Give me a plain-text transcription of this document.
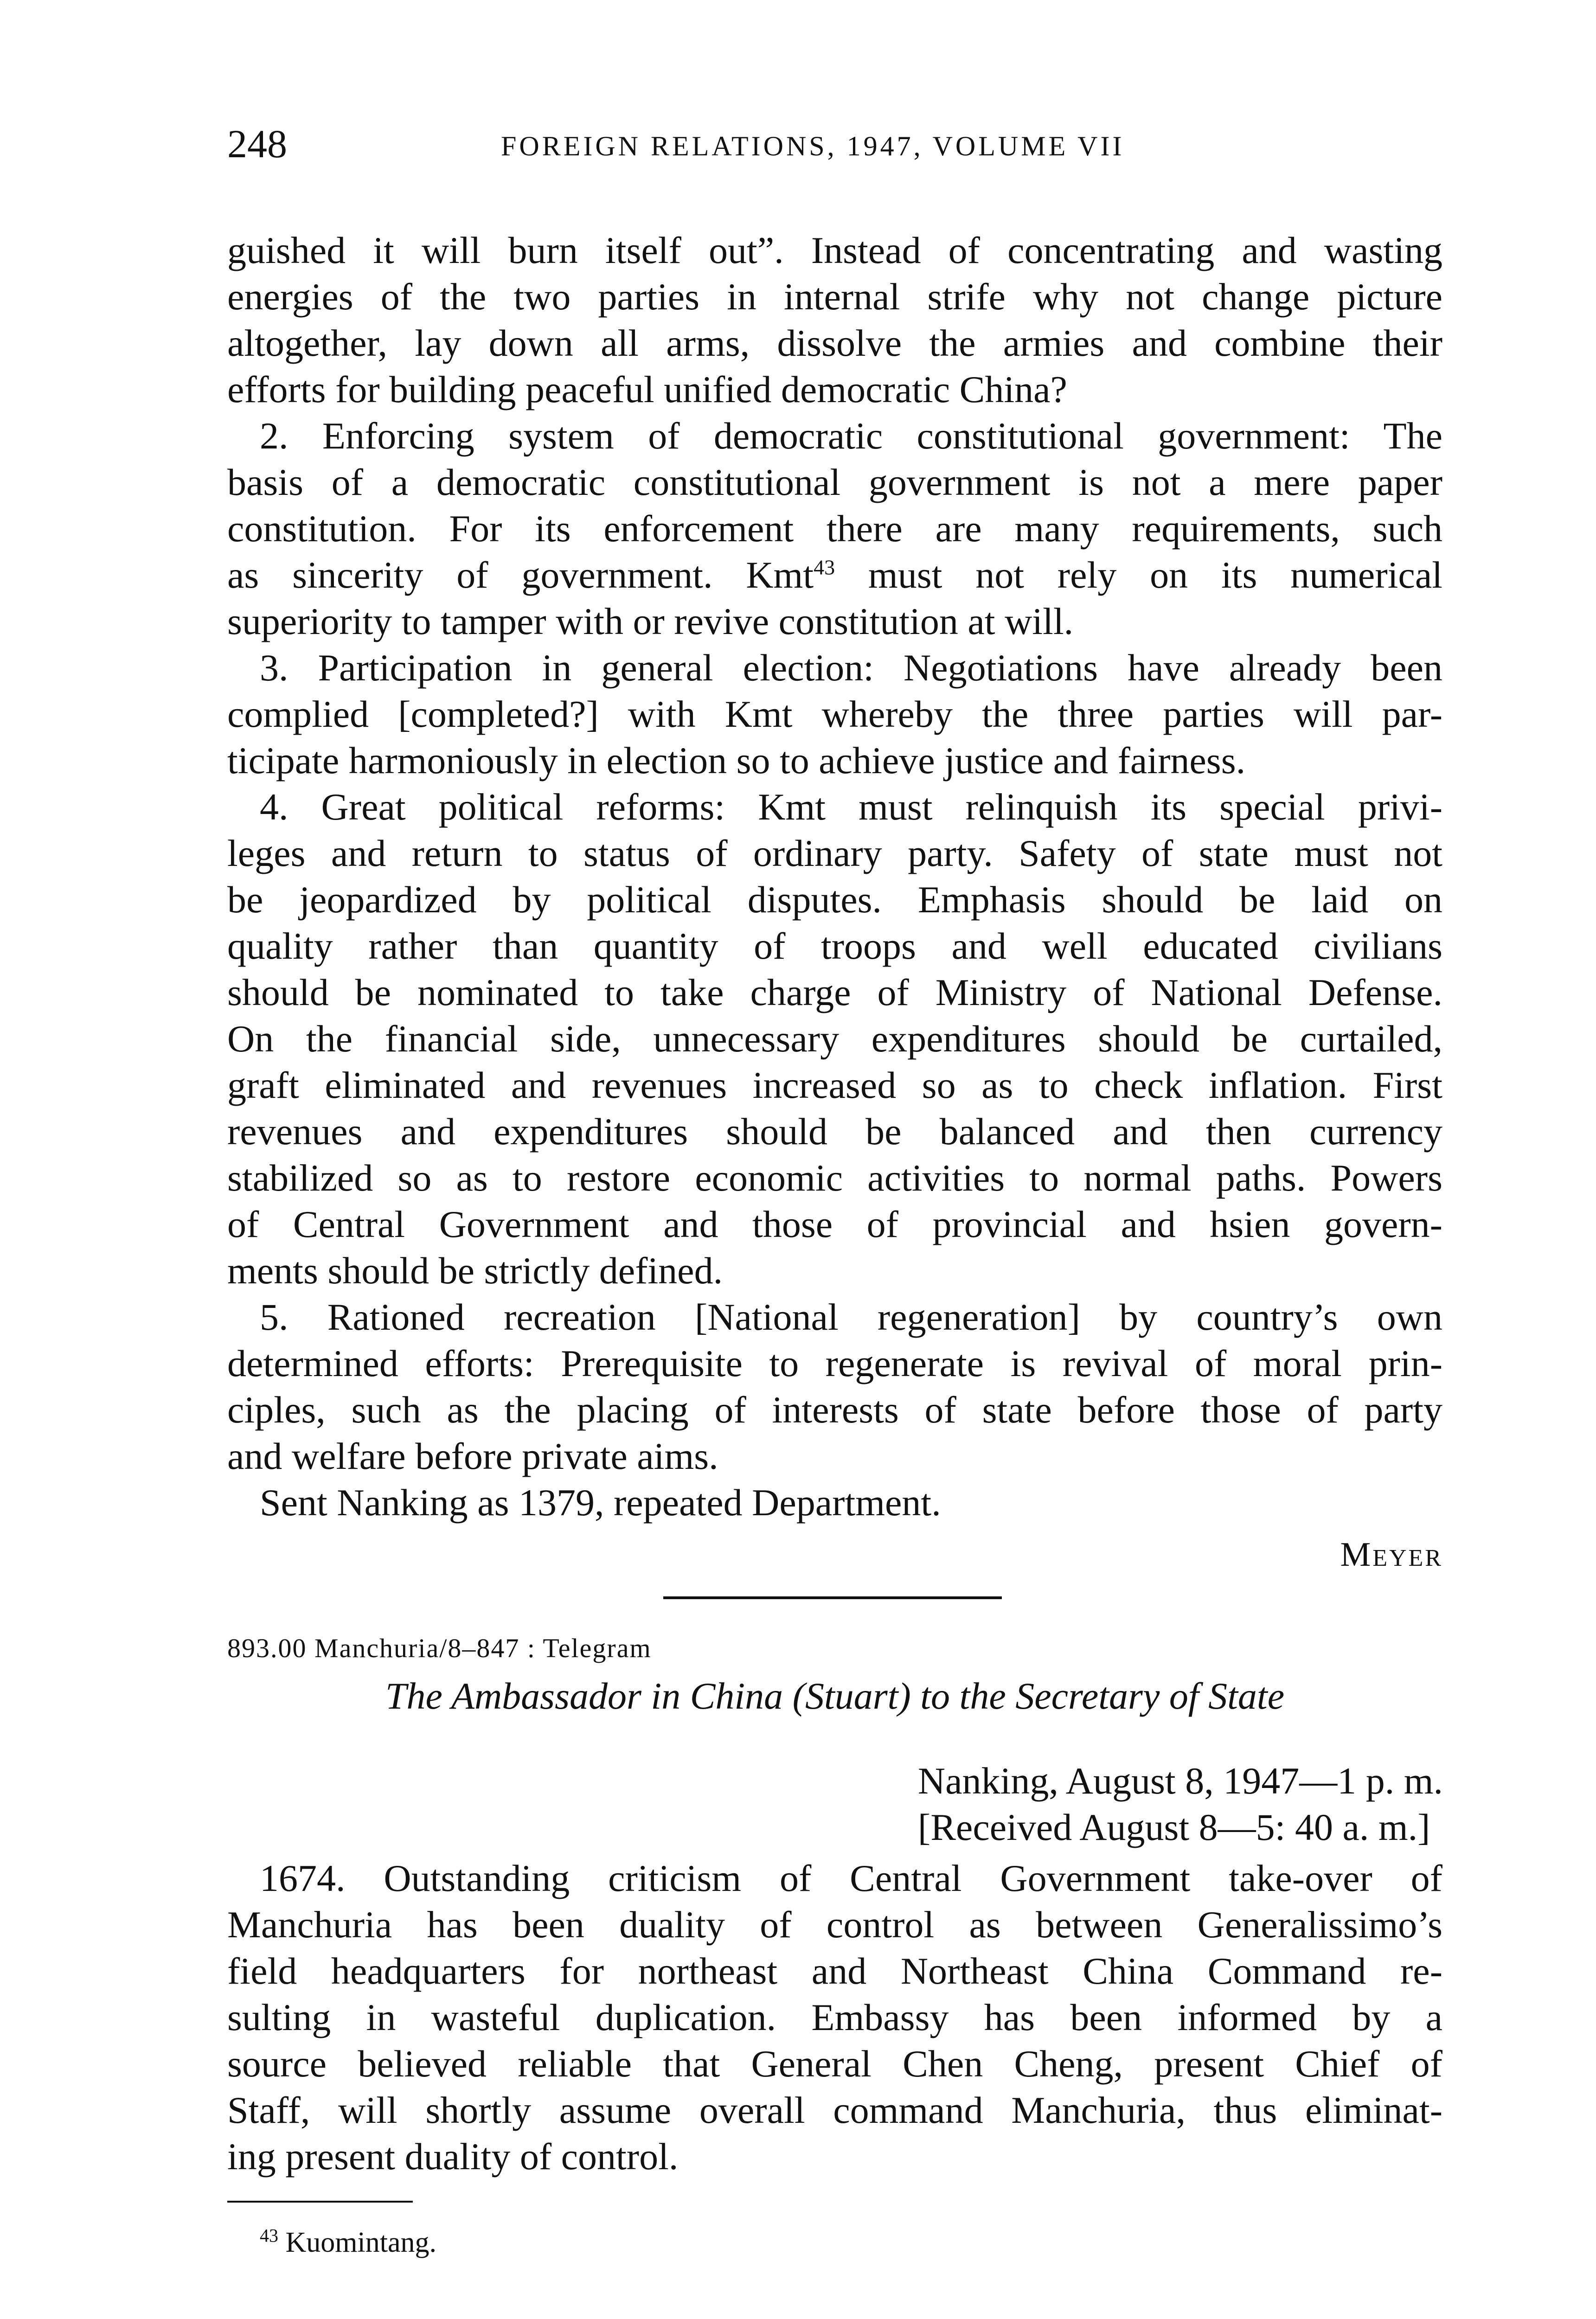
248	FOREIGN RELATIONS, 1947, VOLUME VII
guished it will burn itself out”. Instead of concentrating and wasting
energies of the two parties in internal strife why not change picture
altogether, lay down all arms, dissolve the armies and combine their
efforts for building peaceful unified democratic China?
2. Enforcing system of democratic constitutional government: The
basis of a democratic constitutional government is not a mere paper
constitution. For its enforcement there are many requirements, such
as sincerity of government. Kmt$^{43}$ must not rely on its numerical
superiority to tamper with or revive constitution at will.
3. Participation in general election: Negotiations have already been
complied [completed?] with Kmt whereby the three parties will par-
ticipate harmoniously in election so to achieve justice and fairness.
4. Great political reforms: Kmt must relinquish its special privi-
leges and return to status of ordinary party. Safety of state must not
be jeopardized by political disputes. Emphasis should be laid on
quality rather than quantity of troops and well educated civilians
should be nominated to take charge of Ministry of National Defense.
On the financial side, unnecessary expenditures should be curtailed,
graft eliminated and revenues increased so as to check inflation. First
revenues and expenditures should be balanced and then currency
stabilized so as to restore economic activities to normal paths. Powers
of Central Government and those of provincial and hsien govern-
ments should be strictly defined.
5. Rationed recreation [National regeneration] by country’s own
determined efforts: Prerequisite to regenerate is revival of moral prin-
ciples, such as the placing of interests of state before those of party
and welfare before private aims.
Sent Nanking as 1379, repeated Department.
Meyer
893.00 Manchuria/8–847 : Telegram
The Ambassador in China (Stuart) to the Secretary of State
Nanking, August 8, 1947—1 p. m.
[Received August 8—5: 40 a. m.]
1674. Outstanding criticism of Central Government take-over of
Manchuria has been duality of control as between Generalissimo’s
field headquarters for northeast and Northeast China Command re-
sulting in wasteful duplication. Embassy has been informed by a
source believed reliable that General Chen Cheng, present Chief of
Staff, will shortly assume overall command Manchuria, thus eliminat-
ing present duality of control.
$^{43}$ Kuomintang.
